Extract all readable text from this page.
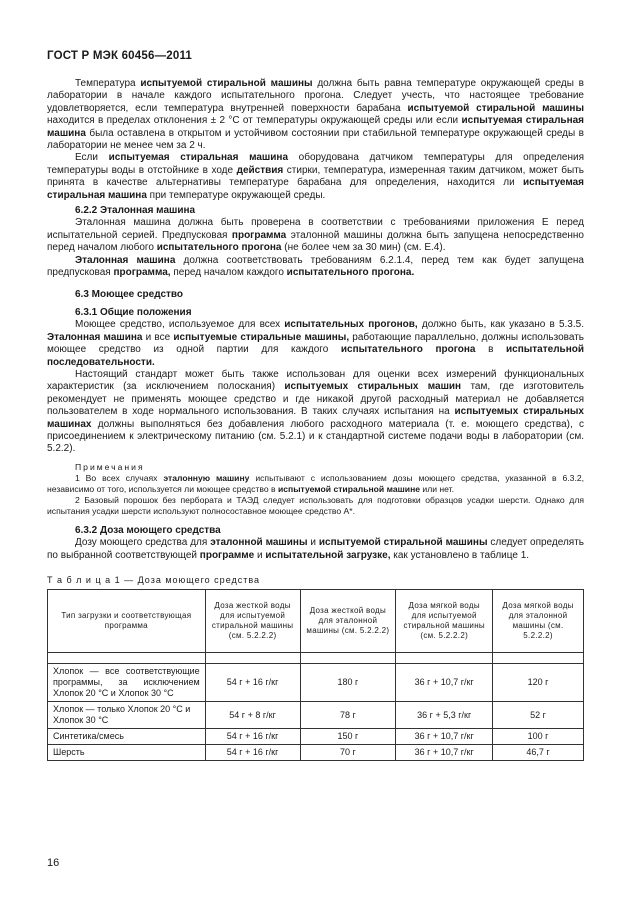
ГОСТ Р МЭК 60456—2011

Температура испытуемой стиральной машины должна быть равна температуре окружающей среды в лаборатории в начале каждого испытательного прогона. Следует учесть, что настоящее требование удовлетворяется, если температура внутренней поверхности барабана испытуемой стиральной машины находится в пределах отклонения ± 2 °С от температуры окружающей среды или если испытуемая стиральная машина была оставлена в открытом и устойчивом состоянии при стабильной температуре окружающей среды в лаборатории не менее чем за 2 ч.

Если испытуемая стиральная машина оборудована датчиком температуры для определения температуры воды в отстойнике в ходе действия стирки, температура, измеренная таким датчиком, может быть принята в качестве альтернативы температуре барабана для определения, находится ли испытуемая стиральная машина при температуре окружающей среды.

6.2.2 Эталонная машина

Эталонная машина должна быть проверена в соответствии с требованиями приложения Е перед испытательной серией. Предпусковая программа эталонной машины должна быть запущена непосредственно перед началом любого испытательного прогона (не более чем за 30 мин) (см. Е.4).

Эталонная машина должна соответствовать требованиям 6.2.1.4, перед тем как будет запущена предпусковая программа, перед началом каждого испытательного прогона.

6.3 Моющее средство
6.3.1 Общие положения

Моющее средство, используемое для всех испытательных прогонов, должно быть, как указано в 5.3.5. Эталонная машина и все испытуемые стиральные машины, работающие параллельно, должны использовать моющее средство из одной партии для каждого испытательного прогона в испытательной последовательности.

Настоящий стандарт может быть также использован для оценки всех измерений функциональных характеристик (за исключением полоскания) испытуемых стиральных машин там, где изготовитель рекомендует не применять моющее средство и где никакой другой расходный материал не добавляется пользователем в ходе нормального использования. В таких случаях испытания на испытуемых стиральных машинах должны выполняться без добавления любого расходного материала (т. е. моющего средства), с присоединением к электрическому питанию (см. 5.2.1) и к стандартной системе подачи воды в лаборатории (см. 5.2.2).

Примечания

1 Во всех случаях эталонную машину испытывают с использованием дозы моющего средства, указанной в 6.3.2, независимо от того, используется ли моющее средство в испытуемой стиральной машине или нет.

2 Базовый порошок без пербората и ТАЭД следует использовать для подготовки образцов усадки шерсти. Однако для испытания усадки шерсти используют полносоставное моющее средство А*.

6.3.2 Доза моющего средства

Дозу моющего средства для эталонной машины и испытуемой стиральной машины следует определять по выбранной соответствующей программе и испытательной загрузке, как установлено в таблице 1.

Т а б л и ц а 1 — Доза моющего средства
Тип загрузки и соответствующая программа	Доза жесткой воды для испытуемой стиральной машины (см. 5.2.2.2)	Доза жесткой воды для эталонной машины (см. 5.2.2.2)	Доза мягкой воды для испытуемой стиральной машины (см. 5.2.2.2)	Доза мягкой воды для эталонной машины (см. 5.2.2.2)

Хлопок — все соответствующие программы, за исключением Хлопок 20 °С и Хлопок 30 °С	54 г + 16 г/кг	180 г	36 г + 10,7 г/кг	120 г
Хлопок — только Хлопок 20 °С и Хлопок 30 °С	54 г + 8 г/кг	78 г	36 г + 5,3 г/кг	52 г
Синтетика/смесь	54 г + 16 г/кг	150 г	36 г + 10,7 г/кг	100 г
Шерсть	54 г + 16 г/кг	70 г	36 г + 10,7 г/кг	46,7 г
16
